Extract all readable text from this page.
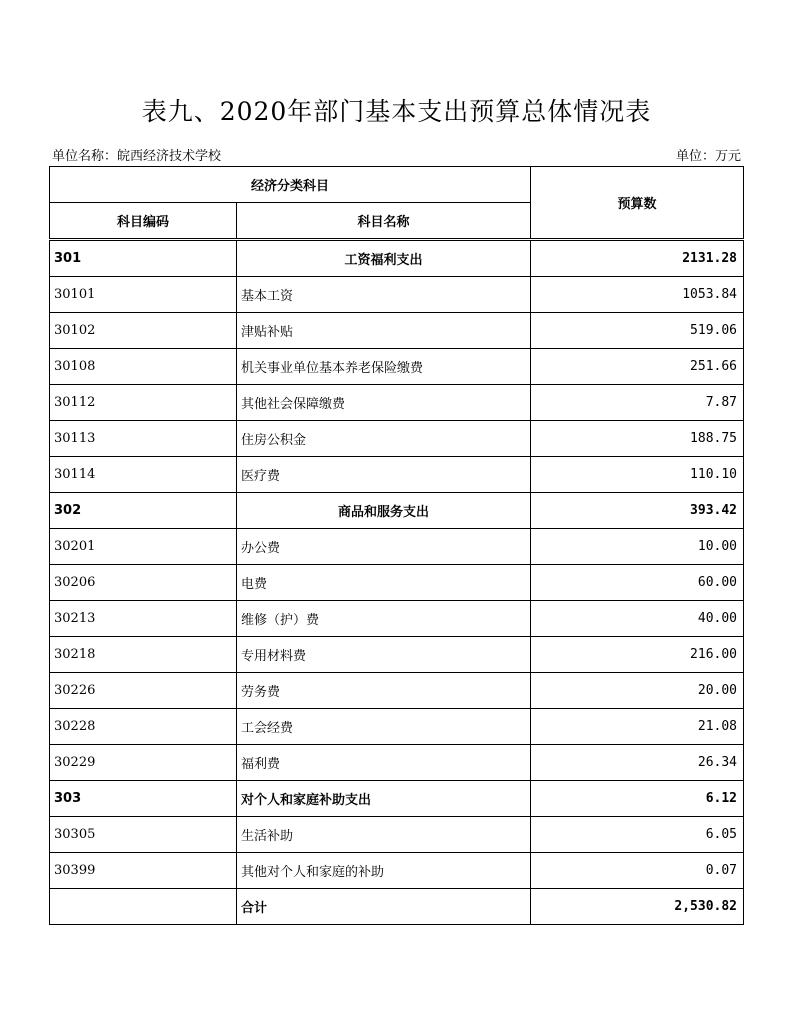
表九、2020年部门基本支出预算总体情况表
单位名称：皖西经济技术学校	单位：万元
经济分类科目		预算数
科目编码	科目名称	
301	工资福利支出	2131.28
30101	基本工资	1053.84
30102	津贴补贴	519.06
30108	机关事业单位基本养老保险缴费	251.66
30112	其他社会保障缴费	7.87
30113	住房公积金	188.75
30114	医疗费	110.10
302	商品和服务支出	393.42
30201	办公费	10.00
30206	电费	60.00
30213	维修（护）费	40.00
30218	专用材料费	216.00
30226	劳务费	20.00
30228	工会经费	21.08
30229	福利费	26.34
303	对个人和家庭补助支出	6.12
30305	生活补助	6.05
30399	其他对个人和家庭的补助	0.07
	合计	2,530.82
